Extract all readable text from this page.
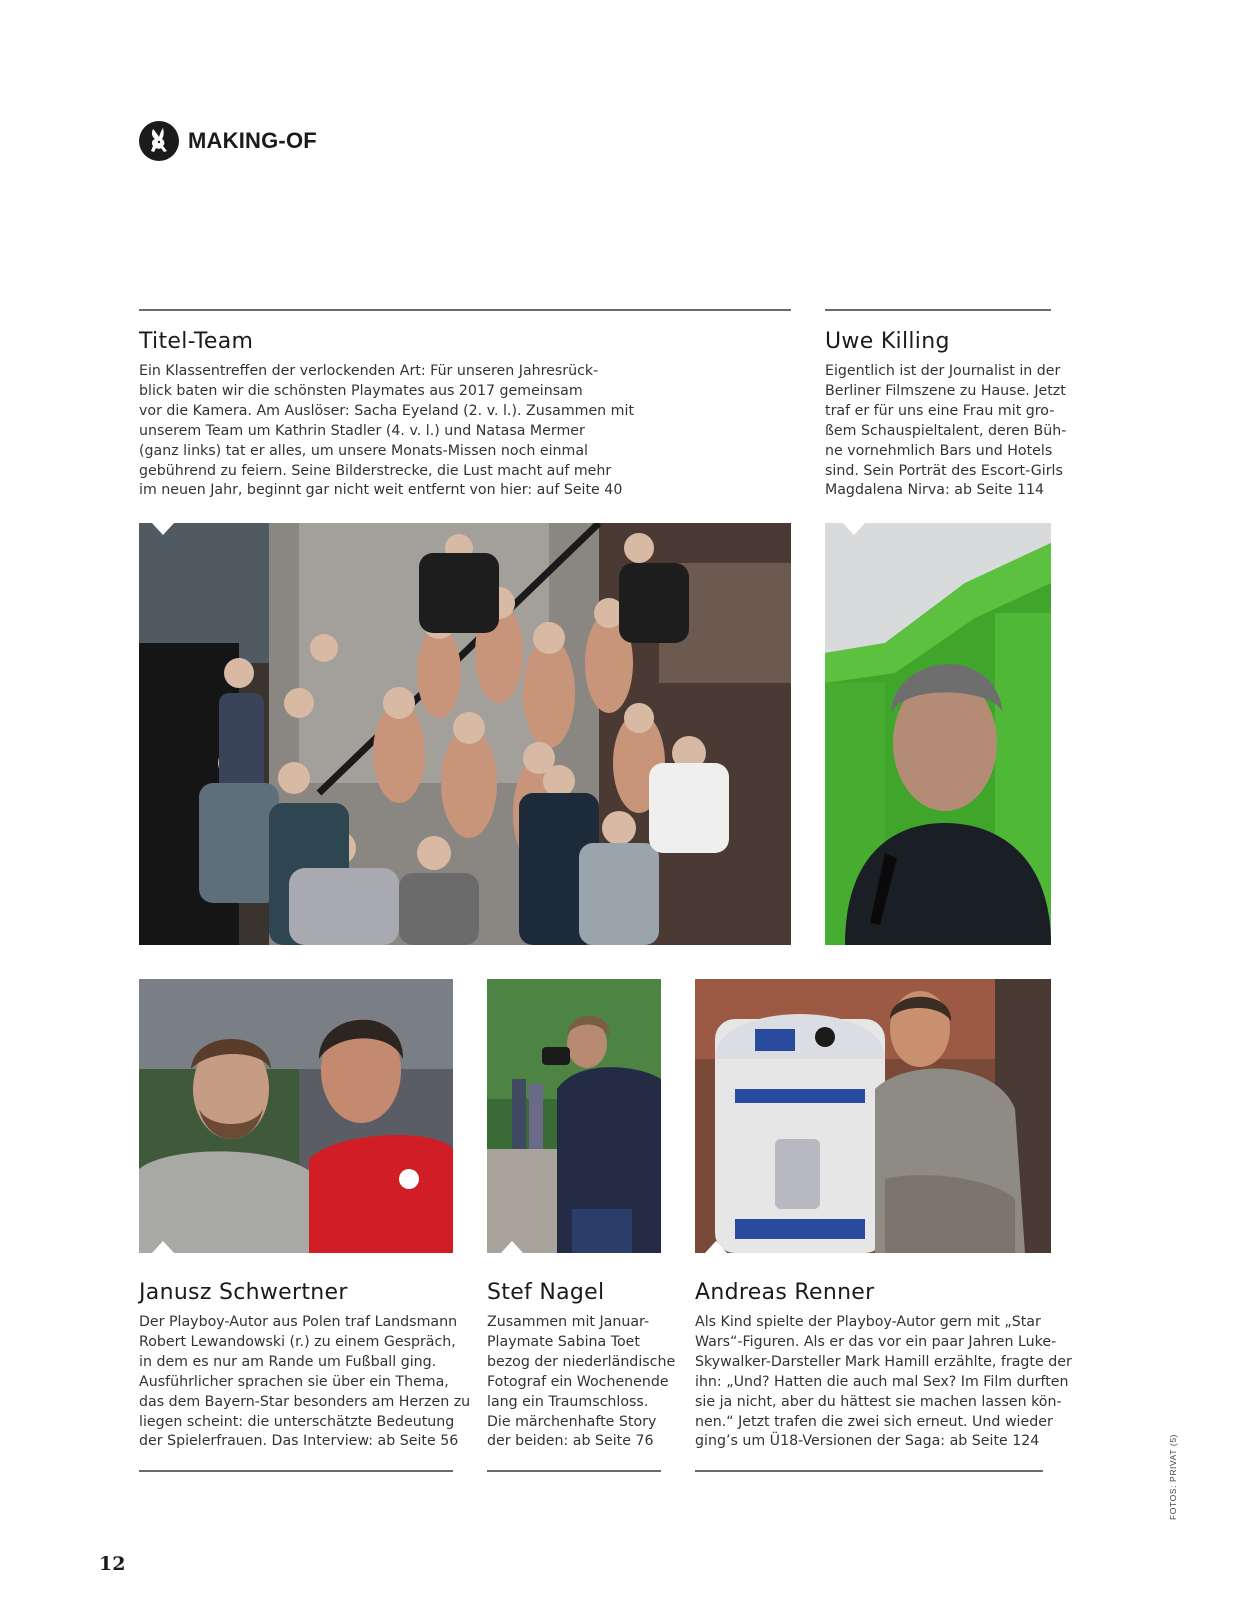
MAKING-OF
Titel-Team

Ein Klassentreffen der verlockenden Art: Für unseren Jahresrück-
blick baten wir die schönsten Playmates aus 2017 gemeinsam
vor die Kamera. Am Auslöser: Sacha Eyeland (2. v. l.). Zusammen mit
unserem Team um Kathrin Stadler (4. v. l.) und Natasa Mermer
(ganz links) tat er alles, um unsere Monats-Missen noch einmal
gebührend zu feiern. Seine Bilderstrecke, die Lust macht auf mehr
im neuen Jahr, beginnt gar nicht weit entfernt von hier: auf Seite 40

Uwe Killing

Eigentlich ist der Journalist in der
Berliner Filmszene zu Hause. Jetzt
traf er für uns eine Frau mit gro-
ßem Schauspieltalent, deren Büh-
ne vornehmlich Bars und Hotels
sind. Sein Porträt des Escort-Girls
Magdalena Nirva: ab Seite 114

Janusz Schwertner

Der Playboy-Autor aus Polen traf Landsmann
Robert Lewandowski (r.) zu einem Gespräch,
in dem es nur am Rande um Fußball ging.
Ausführlicher sprachen sie über ein Thema,
das dem Bayern-Star besonders am Herzen zu
liegen scheint: die unterschätzte Bedeutung
der Spielerfrauen. Das Interview: ab Seite 56

Stef Nagel

Zusammen mit Januar-
Playmate Sabina Toet
bezog der niederländische
Fotograf ein Wochenende
lang ein Traumschloss.
Die märchenhafte Story
der beiden: ab Seite 76

Andreas Renner

Als Kind spielte der Playboy-Autor gern mit „Star
Wars“-Figuren. Als er das vor ein paar Jahren Luke-
Skywalker-Darsteller Mark Hamill erzählte, fragte der
ihn: „Und? Hatten die auch mal Sex? Im Film durften
sie ja nicht, aber du hättest sie machen lassen kön-
nen.“ Jetzt trafen die zwei sich erneut. Und wieder
ging’s um Ü18-Versionen der Saga: ab Seite 124	FOTOS: PRIVAT (5)
12
